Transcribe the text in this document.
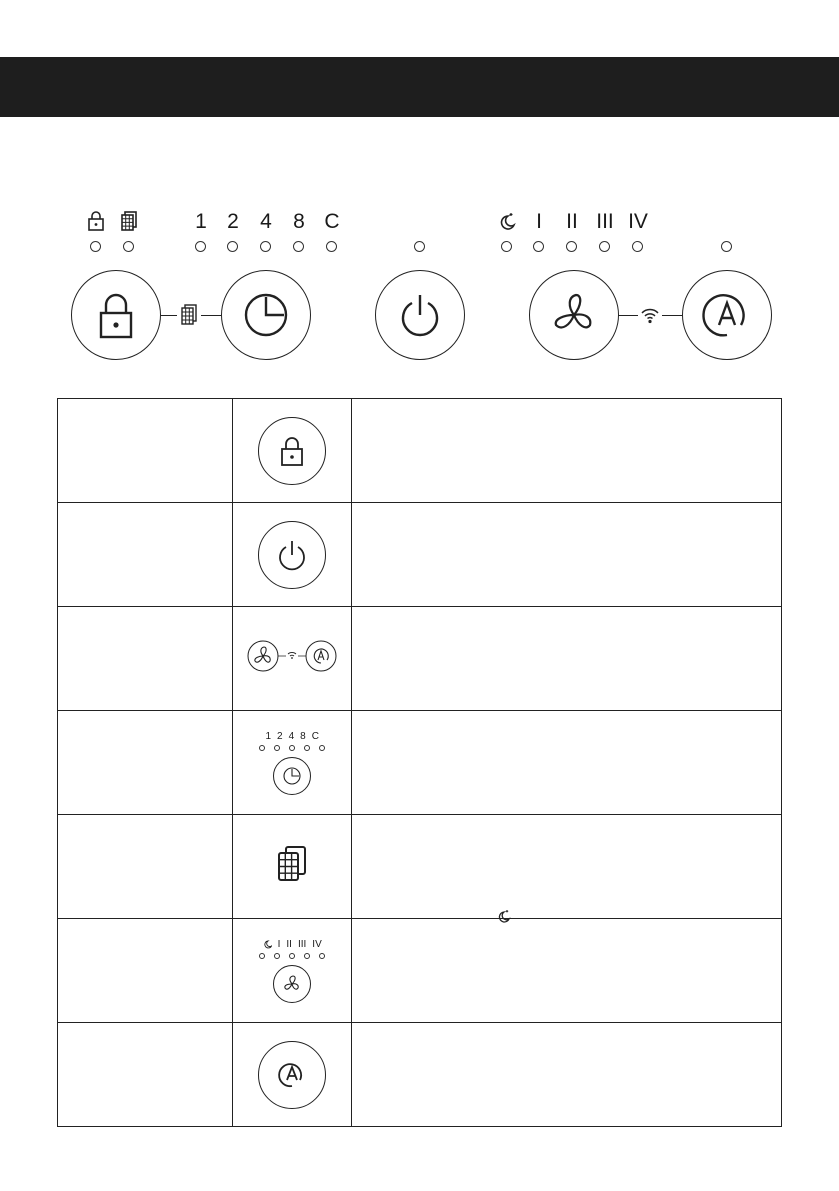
1 2	4	8 C	I	II III IV

	1 2 4 8 C	

	I II III IV
